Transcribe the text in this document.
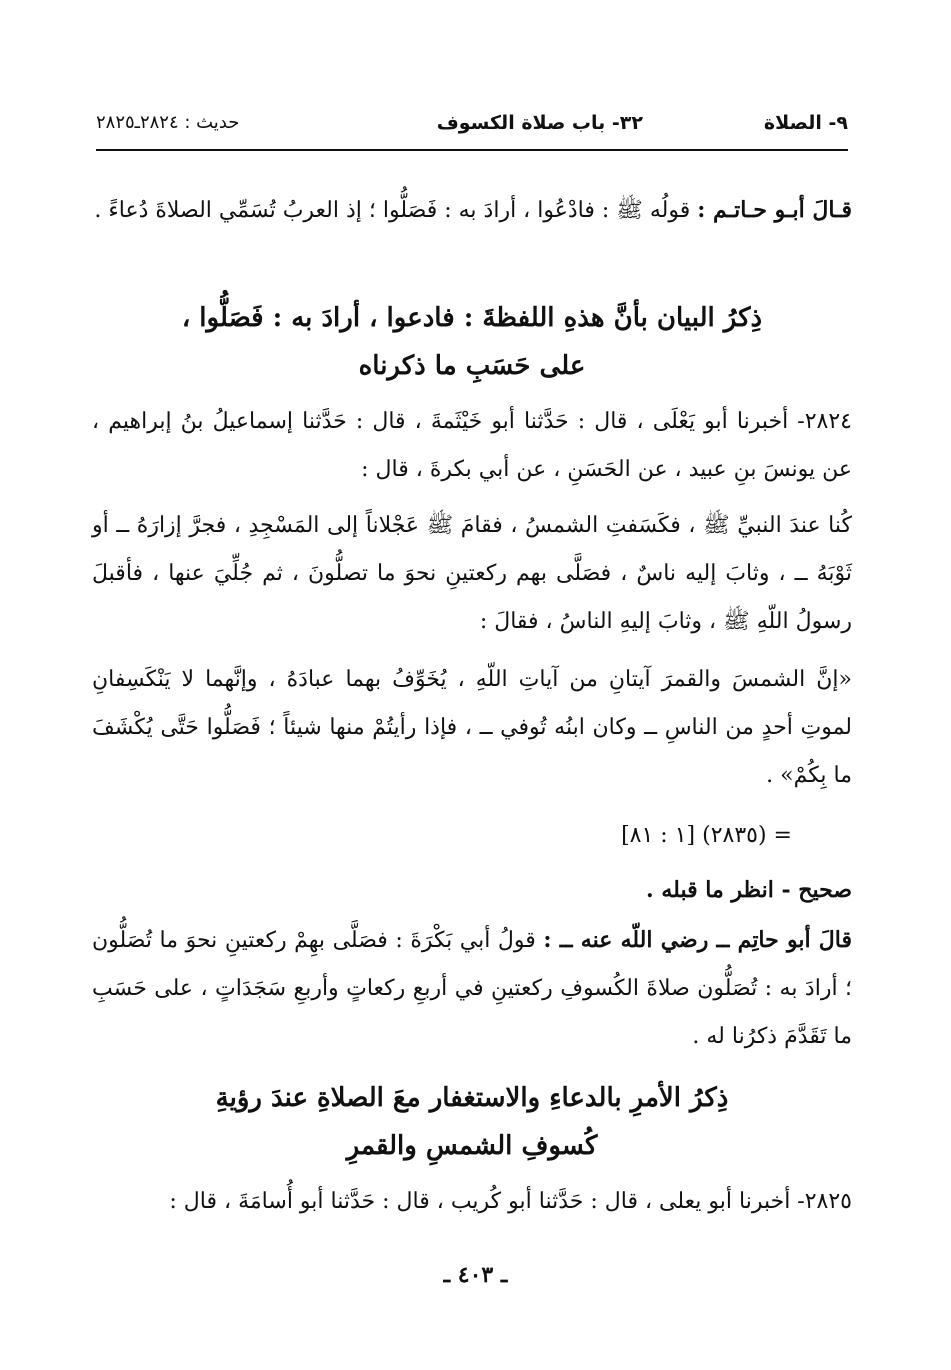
٩- الصلاة
٣٢- باب صلاة الكسوف
حديث : ٢٨٢٤ـ٢٨٢٥
قـالَ أبـو حـاتـم : قولُه ﷺ : فادْعُوا ، أرادَ به : فَصَلُّوا ؛ إذ العربُ تُسَمِّي الصلاةَ دُعاءً .
ذِكرُ البيان بأنَّ هذهِ اللفظةَ : فادعوا ، أرادَ به : فَصَلُّوا ،
على حَسَبِ ما ذكرناه
٢٨٢٤- أخبرنا أبو يَعْلَى ، قال : حَدَّثنا أبو خَيْثَمةَ ، قال : حَدَّثنا إسماعيلُ بنُ إبراهيم ، عن يونسَ بنِ عبيد ، عن الحَسَنِ ، عن أبي بكرةَ ، قال :
كُنا عندَ النبيِّ ﷺ ، فكَسَفتِ الشمسُ ، فقامَ ﷺ عَجْلاناً إلى المَسْجِدِ ، فجرَّ إزارَهُ ــ أو ثَوْبَهُ ــ ، وثابَ إليه ناسٌ ، فصَلَّى بهم ركعتينِ نحوَ ما تصلُّونَ ، ثم جُلِّيَ عنها ، فأقبلَ رسولُ اللّهِ ﷺ ، وثابَ إليهِ الناسُ ، فقالَ :
«إنَّ الشمسَ والقمرَ آيتانِ من آياتِ اللّهِ ، يُخَوِّفُ بهما عبادَهُ ، وإنَّهما لا يَنْكَسِفانِ لموتِ أحدٍ من الناسِ ــ وكان ابنُه تُوفي ــ ، فإذا رأيتُمْ منها شيئاً ؛ فَصَلُّوا حَتَّى يُكْشَفَ ما بِكُمْ» .
= (٢٨٣٥) [١ : ٨١]
صحيح - انظر ما قبله .
قالَ أبو حاتِم ــ رضي اللّه عنه ــ : قولُ أبي بَكْرَةَ : فصَلَّى بهِمْ ركعتينِ نحوَ ما تُصَلُّون ؛ أرادَ به : تُصَلُّون صلاةَ الكُسوفِ ركعتينِ في أربعِ ركعاتٍ وأربعِ سَجَدَاتٍ ، على حَسَبِ ما تَقَدَّمَ ذكرُنا له .
ذِكرُ الأمرِ بالدعاءِ والاستغفار معَ الصلاةِ عندَ رؤيةِ
كُسوفِ الشمسِ والقمرِ
٢٨٢٥- أخبرنا أبو يعلى ، قال : حَدَّثنا أبو كُريب ، قال : حَدَّثنا أبو أُسامَةَ ، قال :
ـ ٤٠٣ ـ
